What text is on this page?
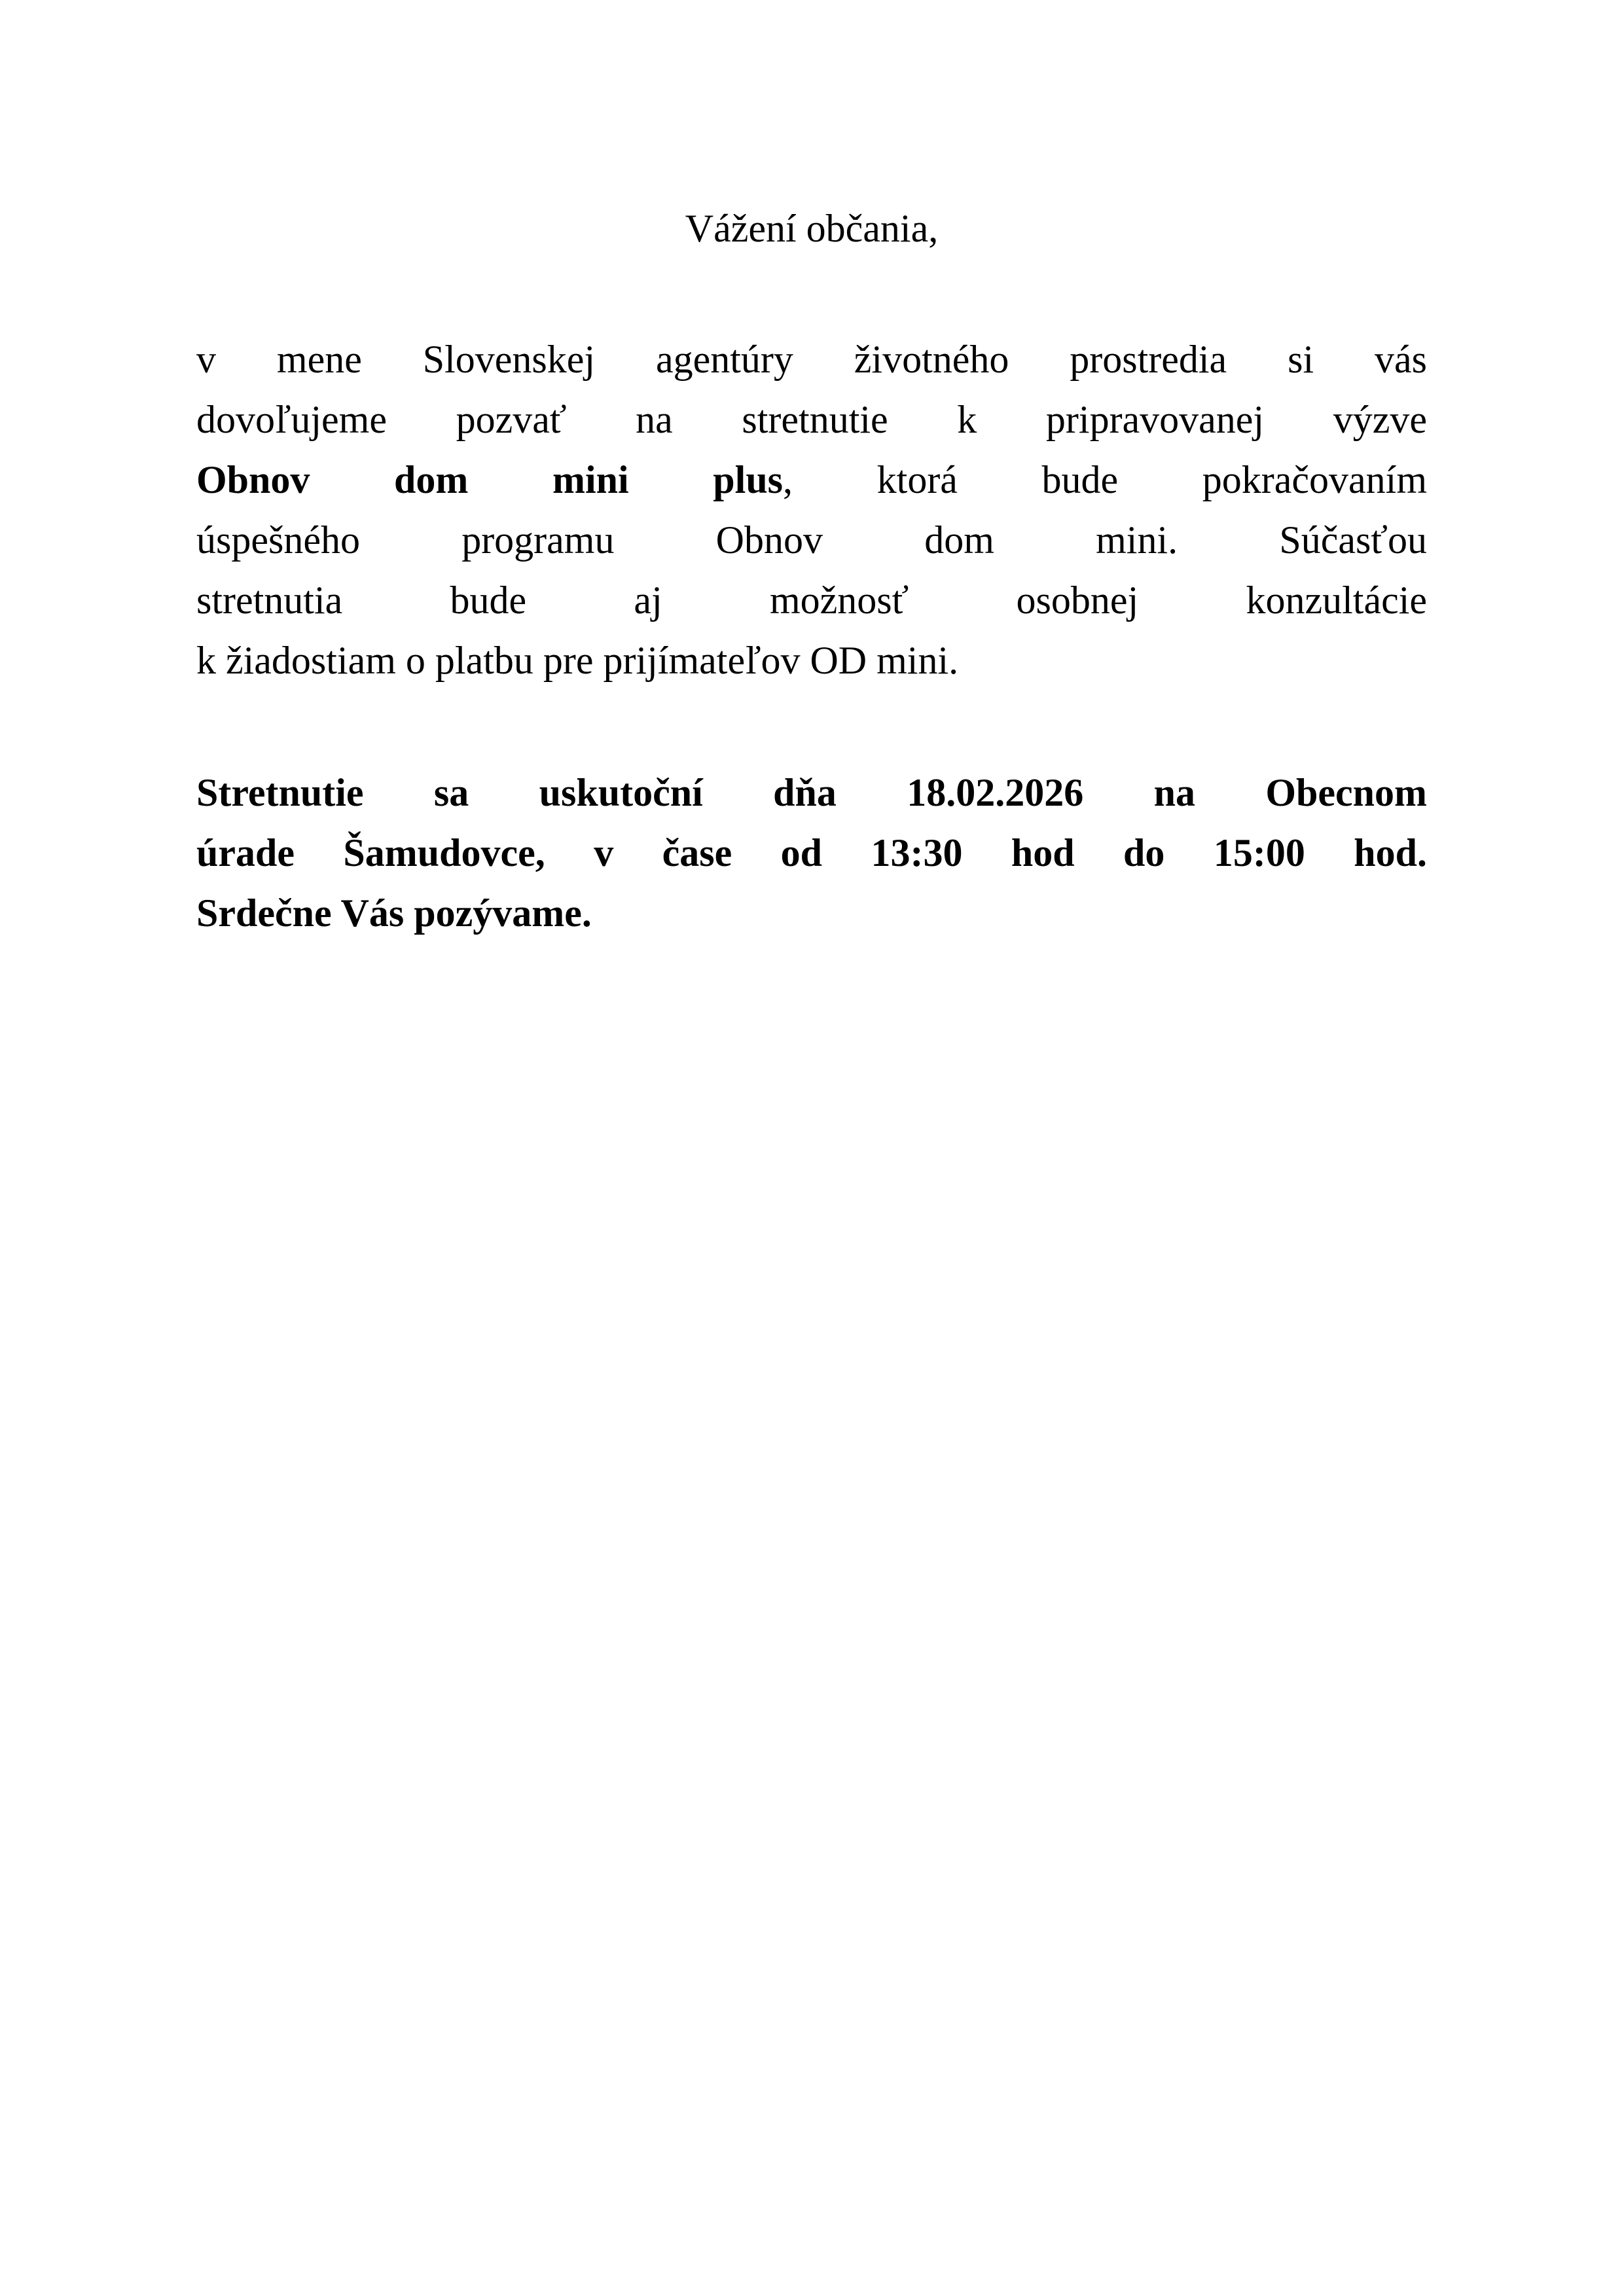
Vážení občania,
v mene Slovenskej agentúry životného prostredia si vás
dovoľujeme pozvať na stretnutie k pripravovanej výzve
Obnov dom mini plus, ktorá bude pokračovaním
úspešného programu Obnov dom mini. Súčasťou
stretnutia bude aj možnosť osobnej konzultácie
k žiadostiam o platbu pre prijímateľov OD mini.
Stretnutie sa uskutoční dňa 18.02.2026 na Obecnom
úrade Šamudovce, v čase od 13:30 hod do 15:00 hod.
Srdečne Vás pozývame.
